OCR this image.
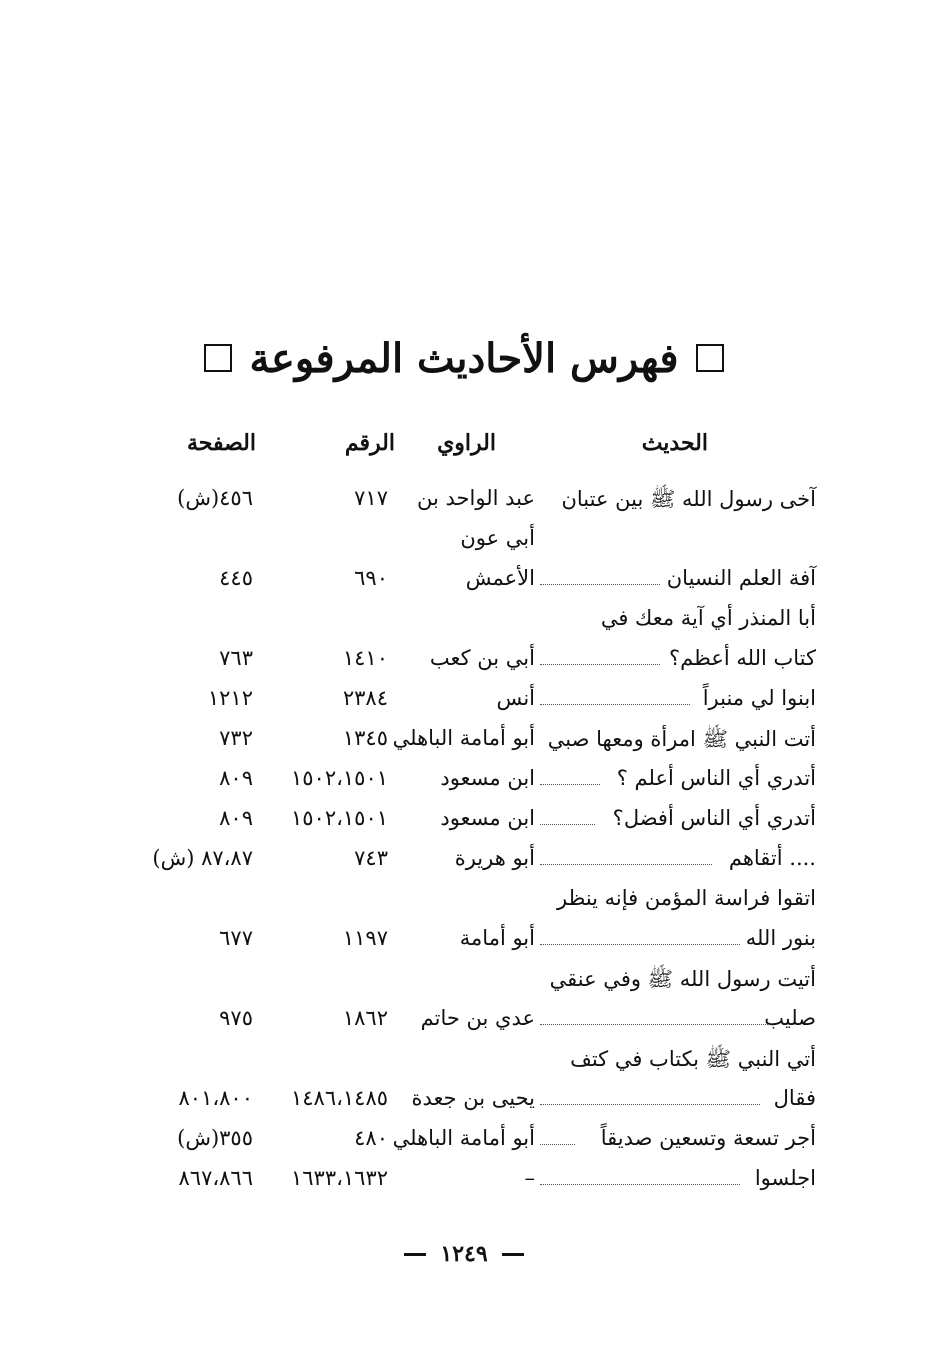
فهرس الأحاديث المرفوعة
الحديث
الراوي
الرقم
الصفحة
آخى رسول الله ﷺ بين عتبان
عبد الواحد بن
٧١٧
٤٥٦(ش)
أبي عون
آفة العلم النسيان
الأعمش
٦٩٠
٤٤٥
أبا المنذر أي آية معك في
كتاب الله أعظم؟
أبي بن كعب
١٤١٠
٧٦٣
ابنوا لي منبراً
أنس
٢٣٨٤
١٢١٢
أتت النبي ﷺ امرأة ومعها صبي
أبو أمامة الباهلي
١٣٤٥
٧٣٢
أتدري أي الناس أعلم ؟
ابن مسعود
١٥٠٢،١٥٠١
٨٠٩
أتدري أي الناس أفضل؟
ابن مسعود
١٥٠٢،١٥٠١
٨٠٩
.... أتقاهم
أبو هريرة
٧٤٣
٨٧،٨٧ (ش)
اتقوا فراسة المؤمن فإنه ينظر
بنور الله
أبو أمامة
١١٩٧
٦٧٧
أتيت رسول الله ﷺ وفي عنقي
صليب
عدي بن حاتم
١٨٦٢
٩٧٥
أتي النبي ﷺ بكتاب في كتف
فقال
يحيى بن جعدة
١٤٨٦،١٤٨٥
٨٠١،٨٠٠
أجر تسعة وتسعين صديقاً
أبو أمامة الباهلي
٤٨٠
٣٥٥(ش)
اجلسوا
–
١٦٣٣،١٦٣٢
٨٦٧،٨٦٦
١٢٤٩
